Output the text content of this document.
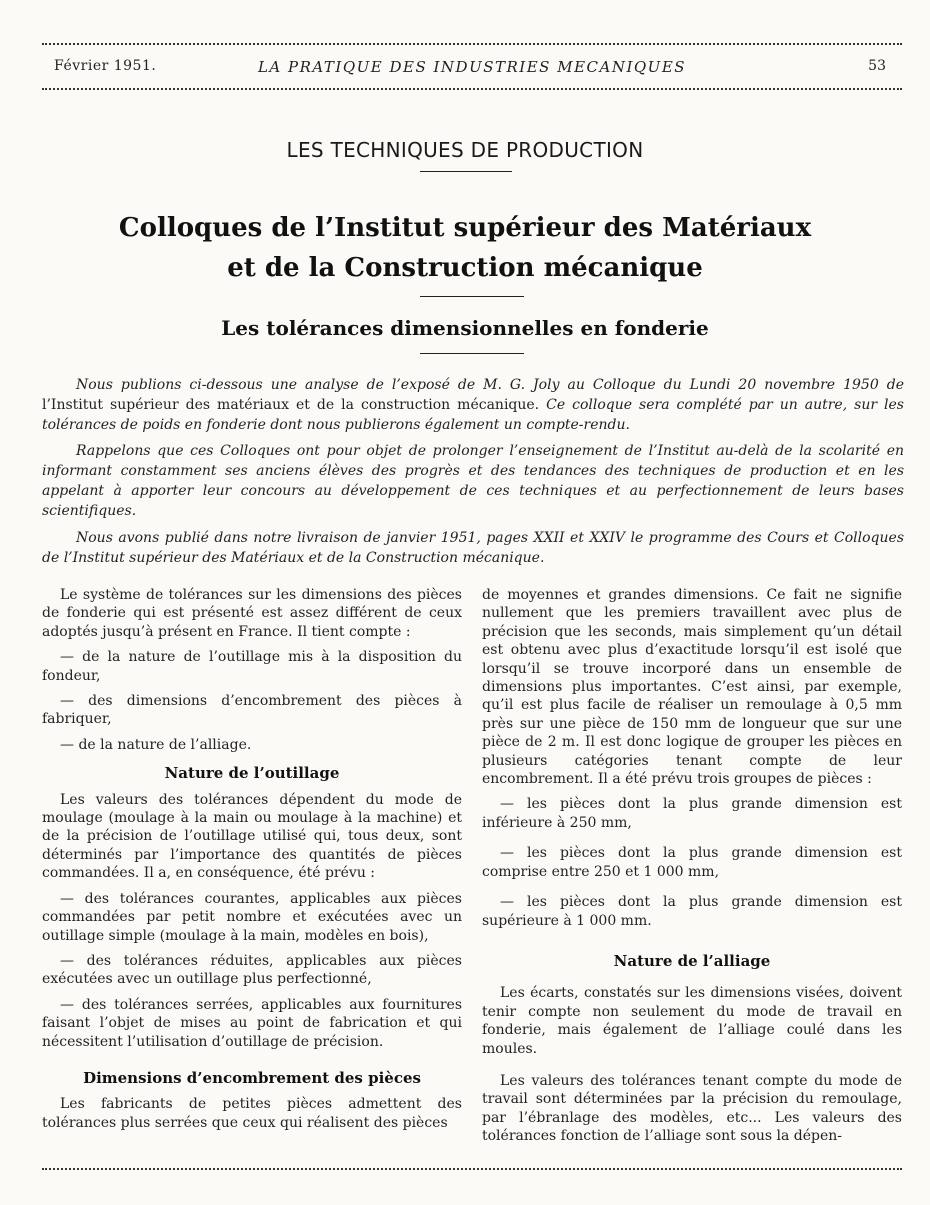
Février 1951.	LA PRATIQUE DES INDUSTRIES MECANIQUES	53
LES TECHNIQUES DE PRODUCTION
Colloques de l’Institut supérieur des Matériaux
et de la Construction mécanique
Les tolérances dimensionnelles en fonderie

Nous publions ci-dessous une analyse de l’exposé de M. G. Joly au Colloque du Lundi 20 novembre 1950 de l’Institut supérieur des matériaux et de la construction mécanique. Ce colloque sera complété par un autre, sur les tolérances de poids en fonderie dont nous publierons également un compte-rendu.

Rappelons que ces Colloques ont pour objet de prolonger l’enseignement de l’Institut au-delà de la scolarité en informant constamment ses anciens élèves des progrès et des tendances des techniques de production et en les appelant à apporter leur concours au développement de ces techniques et au perfectionnement de leurs bases scientifiques.

Nous avons publié dans notre livraison de janvier 1951, pages XXII et XXIV le programme des Cours et Colloques de l’Institut supérieur des Matériaux et de la Construction mécanique.

Le système de tolérances sur les dimensions des pièces de fonderie qui est présenté est assez différent de ceux adoptés jusqu’à présent en France. Il tient compte :

— de la nature de l’outillage mis à la disposition du fondeur,

— des dimensions d’encombrement des pièces à fabriquer,

— de la nature de l’alliage.

Nature de l’outillage

Les valeurs des tolérances dépendent du mode de moulage (moulage à la main ou moulage à la machine) et de la précision de l’outillage utilisé qui, tous deux, sont déterminés par l’importance des quantités de pièces commandées. Il a, en conséquence, été prévu :

— des tolérances courantes, applicables aux pièces commandées par petit nombre et exécutées avec un outillage simple (moulage à la main, modèles en bois),

— des tolérances réduites, applicables aux pièces exécutées avec un outillage plus perfectionné,

— des tolérances serrées, applicables aux fournitures faisant l’objet de mises au point de fabrication et qui nécessitent l’utilisation d’outillage de précision.

Dimensions d’encombrement des pièces

Les fabricants de petites pièces admettent des tolérances plus serrées que ceux qui réalisent des pièces

de moyennes et grandes dimensions. Ce fait ne signifie nullement que les premiers travaillent avec plus de précision que les seconds, mais simplement qu’un détail est obtenu avec plus d’exactitude lorsqu’il est isolé que lorsqu’il se trouve incorporé dans un ensemble de dimensions plus importantes. C’est ainsi, par exemple, qu’il est plus facile de réaliser un remoulage à 0,5 mm près sur une pièce de 150 mm de longueur que sur une pièce de 2 m. Il est donc logique de grouper les pièces en plusieurs catégories tenant compte de leur encombrement. Il a été prévu trois groupes de pièces :

— les pièces dont la plus grande dimension est inférieure à 250 mm,

— les pièces dont la plus grande dimension est comprise entre 250 et 1 000 mm,

— les pièces dont la plus grande dimension est supérieure à 1 000 mm.

Nature de l’alliage

Les écarts, constatés sur les dimensions visées, doivent tenir compte non seulement du mode de travail en fonderie, mais également de l’alliage coulé dans les moules.

Les valeurs des tolérances tenant compte du mode de travail sont déterminées par la précision du remoulage, par l’ébranlage des modèles, etc... Les valeurs des tolérances fonction de l’alliage sont sous la dépen-
